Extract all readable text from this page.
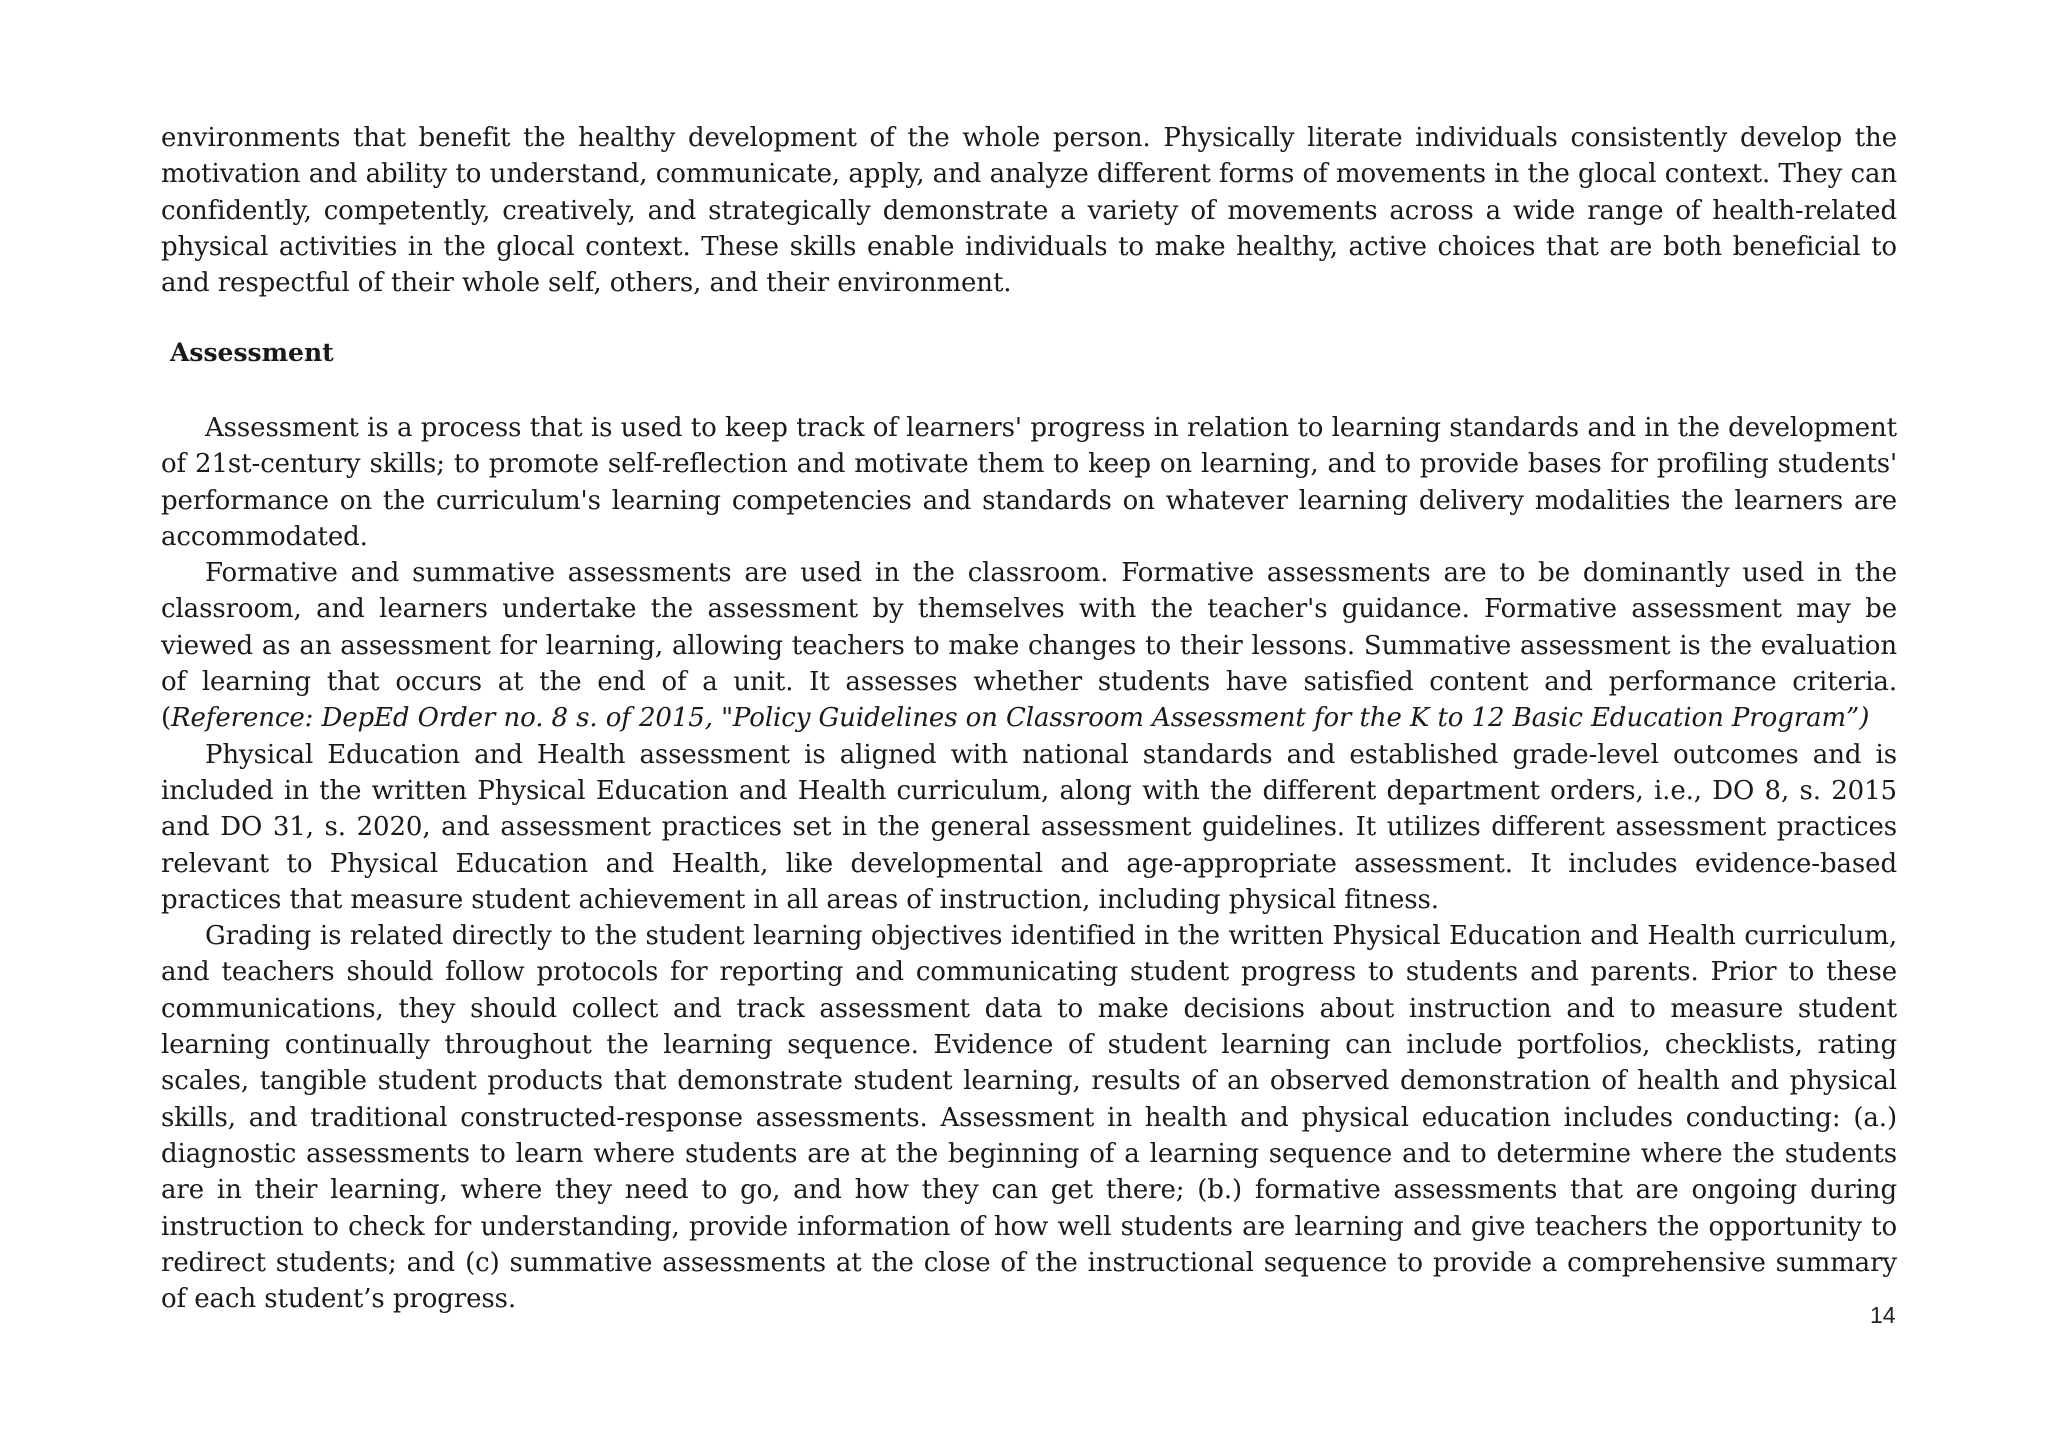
environments that benefit the healthy development of the whole person. Physically literate individuals consistently develop the motivation and ability to understand, communicate, apply, and analyze different forms of movements in the glocal context. They can confidently, competently, creatively, and strategically demonstrate a variety of movements across a wide range of health-related physical activities in the glocal context. These skills enable individuals to make healthy, active choices that are both beneficial to and respectful of their whole self, others, and their environment.

Assessment

Assessment is a process that is used to keep track of learners' progress in relation to learning standards and in the development of 21st-century skills; to promote self-reflection and motivate them to keep on learning, and to provide bases for profiling students' performance on the curriculum's learning competencies and standards on whatever learning delivery modalities the learners are accommodated.

Formative and summative assessments are used in the classroom. Formative assessments are to be dominantly used in the classroom, and learners undertake the assessment by themselves with the teacher's guidance. Formative assessment may be viewed as an assessment for learning, allowing teachers to make changes to their lessons. Summative assessment is the evaluation of learning that occurs at the end of a unit. It assesses whether students have satisfied content and performance criteria. (Reference: DepEd Order no. 8 s. of 2015, "Policy Guidelines on Classroom Assessment for the K to 12 Basic Education Program”)

Physical Education and Health assessment is aligned with national standards and established grade-level outcomes and is included in the written Physical Education and Health curriculum, along with the different department orders, i.e., DO 8, s. 2015 and DO 31, s. 2020, and assessment practices set in the general assessment guidelines. It utilizes different assessment practices relevant to Physical Education and Health, like developmental and age-appropriate assessment. It includes evidence-based practices that measure student achievement in all areas of instruction, including physical fitness.

Grading is related directly to the student learning objectives identified in the written Physical Education and Health curriculum, and teachers should follow protocols for reporting and communicating student progress to students and parents. Prior to these communications, they should collect and track assessment data to make decisions about instruction and to measure student learning continually throughout the learning sequence. Evidence of student learning can include portfolios, checklists, rating scales, tangible student products that demonstrate student learning, results of an observed demonstration of health and physical skills, and traditional constructed-response assessments. Assessment in health and physical education includes conducting: (a.) diagnostic assessments to learn where students are at the beginning of a learning sequence and to determine where the students are in their learning, where they need to go, and how they can get there; (b.) formative assessments that are ongoing during instruction to check for understanding, provide information of how well students are learning and give teachers the opportunity to redirect students; and (c) summative assessments at the close of the instructional sequence to provide a comprehensive summary of each student’s progress.

14
